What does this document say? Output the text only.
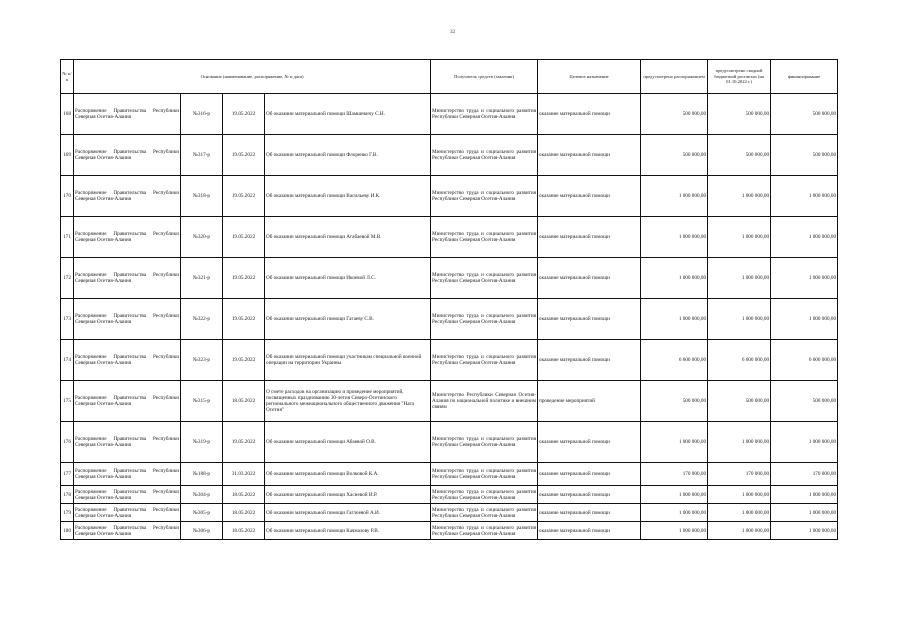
32
№ п/п	Основание (наименование, распоряжение, № и дата)				Получатель средств (заказчик)	Целевое назначение	предусмотрено распоряжением	предусмотрено сводной бюджетной росписью (на 01.10.2022 г.)	финансирование
168	Распоряжение Правительства Республики Северная Осетия-Алания	№316-р	19.05.2022	Об оказании материальной помощи Шамшевичу С.Н.	Министерство труда и социального развития Республики Северная Осетия-Алания	оказание материальной помощи	500 000,00	500 000,00	500 000,00
169	Распоряжение Правительства Республики Северная Осетия-Алания	№317-р	19.05.2022	Об оказании материальной помощи Флоренко Г.В.	Министерство труда и социального развития Республики Северная Осетия-Алания	оказание материальной помощи	500 000,00	500 000,00	500 000,00
170	Распоряжение Правительства Республики Северная Осетия-Алания	№318-р	19.05.2022	Об оказании материальной помощи Васильеву И.К.	Министерство труда и социального развития Республики Северная Осетия-Алания	оказание материальной помощи	1 000 000,00	1 000 000,00	1 000 000,00
171	Распоряжение Правительства Республики Северная Осетия-Алания	№320-р	19.05.2022	Об оказании материальной помощи Агабаевой М.В.	Министерство труда и социального развития Республики Северная Осетия-Алания	оказание материальной помощи	1 000 000,00	1 000 000,00	1 000 000,00
172	Распоряжение Правительства Республики Северная Осетия-Алания	№321-р	19.05.2022	Об оказании материальной помощи Икоевой Л.С.	Министерство труда и социального развития Республики Северная Осетия-Алания	оказание материальной помощи	1 000 000,00	1 000 000,00	1 000 000,00
173	Распоряжение Правительства Республики Северная Осетия-Алания	№322-р	19.05.2022	Об оказании материальной помощи Гагаеву С.В.	Министерство труда и социального развития Республики Северная Осетия-Алания	оказание материальной помощи	1 000 000,00	1 000 000,00	1 000 000,00
174	Распоряжение Правительства Республики Северная Осетия-Алания	№323-р	19.05.2022	Об оказании материальной помощи участникам специальной военной операции на территории Украины	Министерство труда и социального развития Республики Северная Осетия-Алания	оказание материальной помощи	6 600 000,00	6 600 000,00	6 600 000,00
175	Распоряжение Правительства Республики Северная Осетия-Алания	№315-р	18.05.2022	О смете расходов на организацию и проведение мероприятий, посвященных празднованию 30-летия Северо-Осетинского регионального межнационального общественного движения "Нага Осетия"	Министерство Республики Северная Осетия-Алания по национальной политике и внешним связям	проведение мероприятий	500 000,00	500 000,00	500 000,00
176	Распоряжение Правительства Республики Северная Осетия-Алания	№319-р	19.05.2022	Об оказании материальной помощи Абаевой О.В.	Министерство труда и социального развития Республики Северная Осетия-Алания	оказание материальной помощи	1 000 000,00	1 000 000,00	1 000 000,00
177	Распоряжение Правительства Республики Северная Осетия-Алания	№188-р	31.03.2022	Об оказании материальной помощи Волковой К.А.	Министерство труда и социального развития Республики Северная Осетия-Алания	оказание материальной помощи	170 000,00	170 000,00	170 000,00
178	Распоряжение Правительства Республики Северная Осетия-Алания	№304-р	18.05.2022	Об оказании материальной помощи Хасиевой И.Р.	Министерство труда и социального развития Республики Северная Осетия-Алания	оказание материальной помощи	1 000 000,00	1 000 000,00	1 000 000,00
179	Распоряжение Правительства Республики Северная Осетия-Алания	№305-р	18.05.2022	Об оказании материальной помощи Гаглоевой А.И.	Министерство труда и социального развития Республики Северная Осетия-Алания	оказание материальной помощи	1 000 000,00	1 000 000,00	1 000 000,00
180	Распоряжение Правительства Республики Северная Осетия-Алания	№306-р	18.05.2022	Об оказании материальной помощи Качмазову Р.В.	Министерство труда и социального развития Республики Северная Осетия-Алания	оказание материальной помощи	1 000 000,00	1 000 000,00	1 000 000,00
